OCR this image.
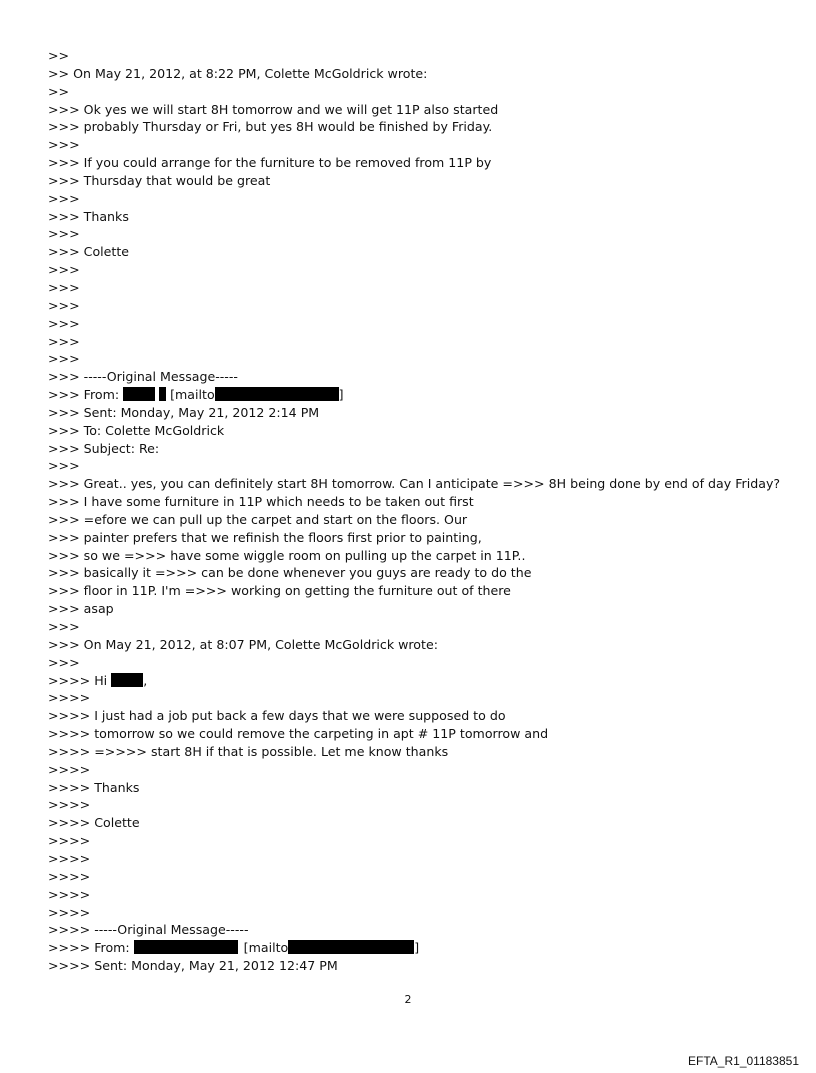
>>
>> On May 21, 2012, at 8:22 PM, Colette McGoldrick wrote:
>>
>>> Ok yes we will start 8H tomorrow and we will get 11P also started
>>> probably Thursday or Fri, but yes 8H would be finished by Friday.
>>>
>>> If you could arrange for the furniture to be removed from 11P by
>>> Thursday that would be great
>>>
>>> Thanks
>>>
>>> Colette
>>>
>>>
>>>
>>>
>>>
>>>
>>> -----Original Message-----
>>> From:	[mailto	]
>>> Sent: Monday, May 21, 2012 2:14 PM
>>> To: Colette McGoldrick
>>> Subject: Re:
>>>
>>> Great.. yes, you can definitely start 8H tomorrow. Can I anticipate =>>> 8H being done by end of day Friday?
>>> I have some furniture in 11P which needs to be taken out first
>>> =efore we can pull up the carpet and start on the floors. Our
>>> painter prefers that we refinish the floors first prior to painting,
>>> so we =>>> have some wiggle room on pulling up the carpet in 11P..
>>> basically it =>>> can be done whenever you guys are ready to do the
>>> floor in 11P. I'm =>>> working on getting the furniture out of there
>>> asap
>>>
>>> On May 21, 2012, at 8:07 PM, Colette McGoldrick wrote:
>>>
>>>> Hi	,
>>>>
>>>> I just had a job put back a few days that we were supposed to do
>>>> tomorrow so we could remove the carpeting in apt # 11P tomorrow and
>>>> =>>>> start 8H if that is possible. Let me know thanks
>>>>
>>>> Thanks
>>>>
>>>> Colette
>>>>
>>>>
>>>>
>>>>
>>>>
>>>> -----Original Message-----
>>>> From:	[mailto	]
>>>> Sent: Monday, May 21, 2012 12:47 PM
2
EFTA_R1_01183851
